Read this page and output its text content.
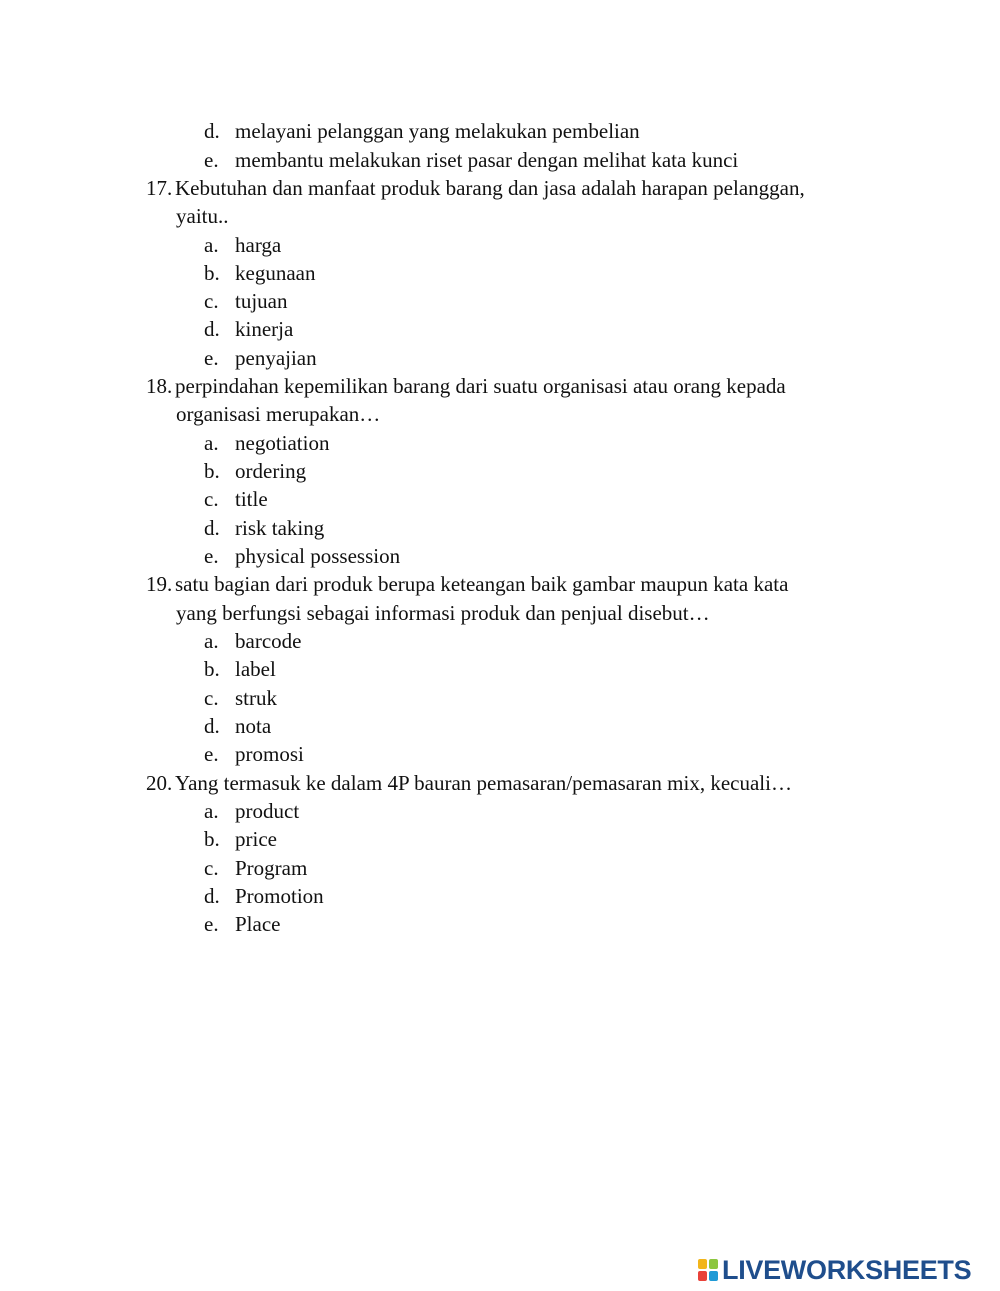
d. melayani pelanggan yang melakukan pembelian
e. membantu melakukan riset pasar dengan melihat kata kunci
17. Kebutuhan dan manfaat produk barang dan jasa adalah harapan pelanggan,
yaitu..
a. harga
b. kegunaan
c. tujuan
d. kinerja
e. penyajian
18. perpindahan kepemilikan barang dari suatu organisasi atau orang kepada
organisasi merupakan…
a. negotiation
b. ordering
c. title
d. risk taking
e. physical possession
19. satu bagian dari produk berupa keteangan baik gambar maupun kata kata
yang berfungsi sebagai informasi produk dan penjual disebut…
a. barcode
b. label
c. struk
d. nota
e. promosi
20. Yang termasuk ke dalam 4P bauran pemasaran/pemasaran mix, kecuali…
a. product
b. price
c. Program
d. Promotion
e. Place
LIVEWORKSHEETS
